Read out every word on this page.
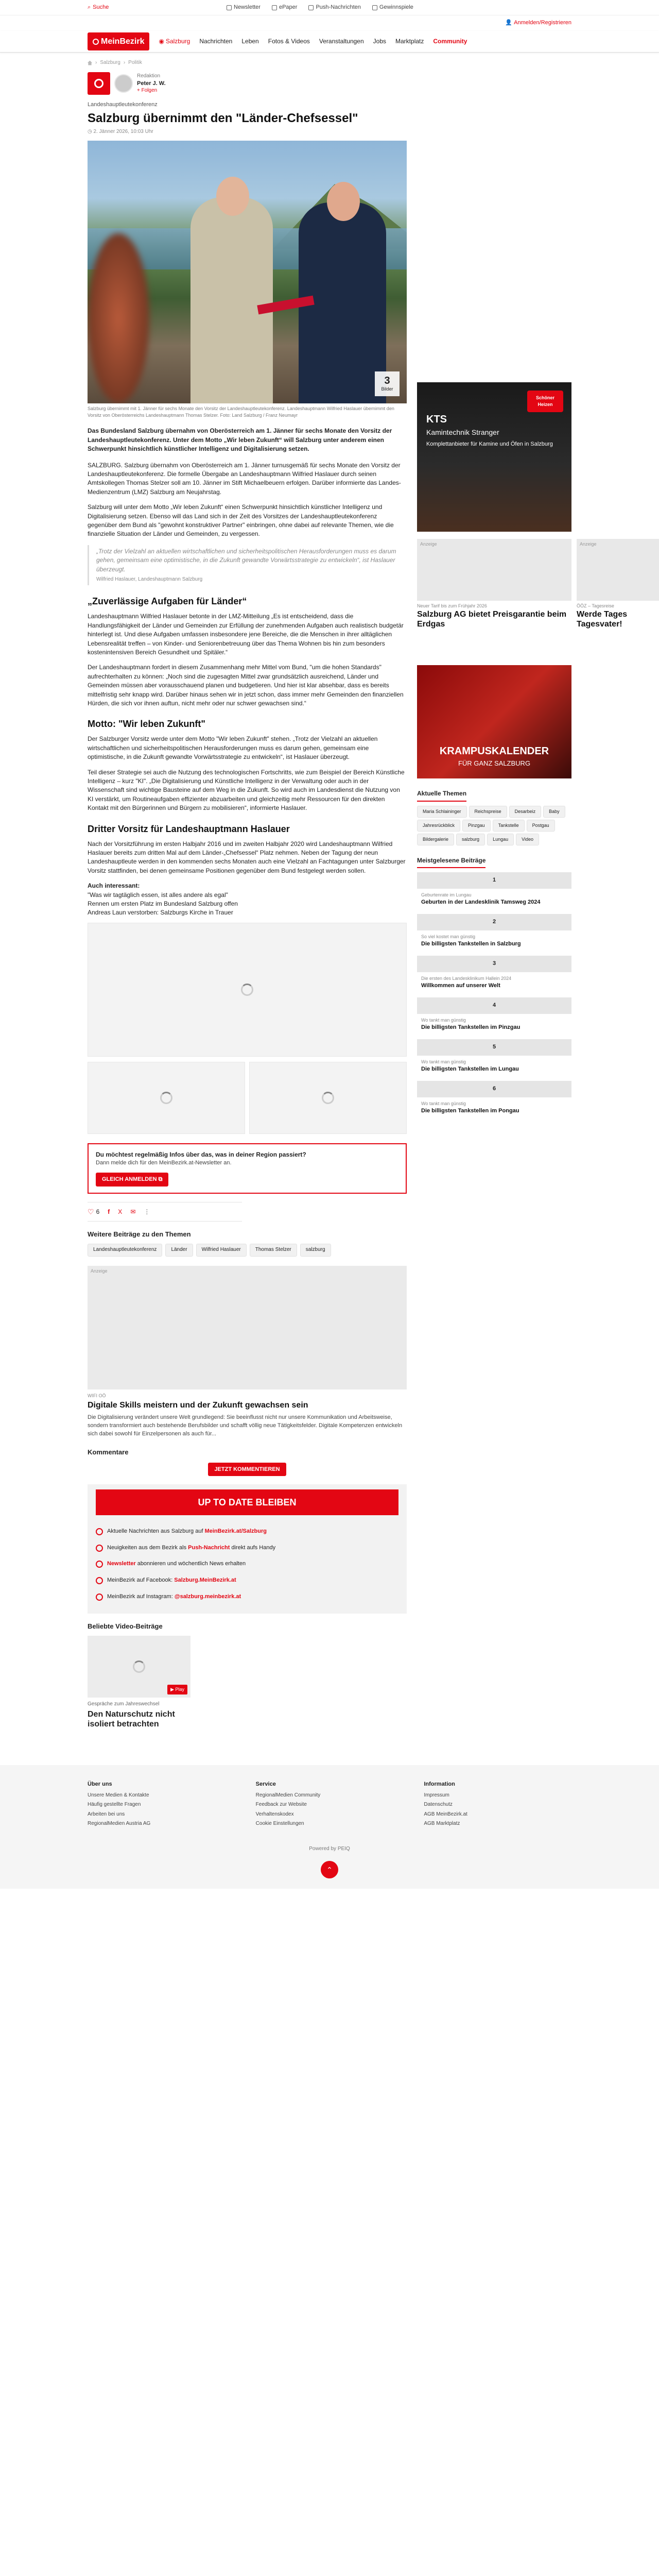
⌕ Suche	Newsletter	ePaper	Push-Nachrichten	Gewinnspiele
👤 Anmelden/Registrieren
MeinBezirk ◉ Salzburg Nachrichten Leben Fotos & Videos Veranstaltungen Jobs Marktplatz Community
› Salzburg › Politik
Redaktion
Peter J. W.
+ Folgen
Landeshauptleutekonferenz
Salzburg übernimmt den "Länder-Chefsessel"
◷ 2. Jänner 2026, 10:03 Uhr
3
Bilder
Salzburg übernimmt mit 1. Jänner für sechs Monate den Vorsitz der Landeshauptleutekonferenz. Landeshauptmann Wilfried Haslauer übernimmt den Vorsitz von Oberösterreichs Landeshauptmann Thomas Stelzer. Foto: Land Salzburg / Franz Neumayr

Das Bundesland Salzburg übernahm von Oberösterreich am 1. Jänner für sechs Monate den Vorsitz der Landeshauptleutekonferenz. Unter dem Motto „Wir leben Zukunft“ will Salzburg unter anderem einen Schwerpunkt hinsichtlich künstlicher Intelligenz und Digitalisierung setzen.

SALZBURG. Salzburg übernahm von Oberösterreich am 1. Jänner turnusgemäß für sechs Monate den Vorsitz der Landeshauptleutekonferenz. Die formelle Übergabe an Landeshauptmann Wilfried Haslauer durch seinen Amtskollegen Thomas Stelzer soll am 10. Jänner im Stift Michaelbeuern erfolgen. Darüber informierte das Landes-Medienzentrum (LMZ) Salzburg am Neujahrstag.

Salzburg will unter dem Motto „Wir leben Zukunft“ einen Schwerpunkt hinsichtlich künstlicher Intelligenz und Digitalisierung setzen. Ebenso will das Land sich in der Zeit des Vorsitzes der Landeshauptleutekonferenz gegenüber dem Bund als "gewohnt konstruktiver Partner" einbringen, ohne dabei auf relevante Themen, wie die finanzielle Situation der Länder und Gemeinden, zu vergessen.

„Trotz der Vielzahl an aktuellen wirtschaftlichen und sicherheitspolitischen Herausforderungen muss es darum gehen, gemeinsam eine optimistische, in die Zukunft gewandte Vorwärtsstrategie zu entwickeln“, ist Haslauer überzeugt.
Wilfried Haslauer, Landeshauptmann Salzburg
„Zuverlässige Aufgaben für Länder“

Landeshauptmann Wilfried Haslauer betonte in der LMZ-Mitteilung „Es ist entscheidend, dass die Handlungsfähigkeit der Länder und Gemeinden zur Erfüllung der zunehmenden Aufgaben auch realistisch budgetär hinterlegt ist. Und diese Aufgaben umfassen insbesondere jene Bereiche, die die Menschen in ihrer alltäglichen Lebensrealität treffen – von Kinder- und Seniorenbetreuung über das Thema Wohnen bis hin zum besonders kostenintensiven Bereich Gesundheit und Spitäler.“

Der Landeshauptmann fordert in diesem Zusammenhang mehr Mittel vom Bund, "um die hohen Standards" aufrechterhalten zu können: „Noch sind die zugesagten Mittel zwar grundsätzlich ausreichend, Länder und Gemeinden müssen aber vorausschauend planen und budgetieren. Und hier ist klar absehbar, dass es bereits mittelfristig sehr knapp wird. Darüber hinaus sehen wir in jetzt schon, dass immer mehr Gemeinden den finanziellen Hürden, die sich vor ihnen auftun, nicht mehr oder nur schwer gewachsen sind.“

Motto: "Wir leben Zukunft"

Der Salzburger Vorsitz werde unter dem Motto "Wir leben Zukunft" stehen. „Trotz der Vielzahl an aktuellen wirtschaftlichen und sicherheitspolitischen Herausforderungen muss es darum gehen, gemeinsam eine optimistische, in die Zukunft gewandte Vorwärtsstrategie zu entwickeln“, ist Haslauer überzeugt.

Teil dieser Strategie sei auch die Nutzung des technologischen Fortschritts, wie zum Beispiel der Bereich Künstliche Intelligenz – kurz "KI". „Die Digitalisierung und Künstliche Intelligenz in der Verwaltung oder auch in der Wissenschaft sind wichtige Bausteine auf dem Weg in die Zukunft. So wird auch im Landesdienst die Nutzung von KI verstärkt, um Routineaufgaben effizienter abzuarbeiten und gleichzeitig mehr Ressourcen für den direkten Kontakt mit den Bürgerinnen und Bürgern zu mobilisieren“, informierte Haslauer.

Dritter Vorsitz für Landeshauptmann Haslauer

Nach der Vorsitzführung im ersten Halbjahr 2016 und im zweiten Halbjahr 2020 wird Landeshauptmann Wilfried Haslauer bereits zum dritten Mal auf dem Länder-„Chefsessel“ Platz nehmen. Neben der Tagung der neun Landeshauptleute werden in den kommenden sechs Monaten auch eine Vielzahl an Fachtagungen unter Salzburger Vorsitz stattfinden, bei denen gemeinsame Positionen gegenüber dem Bund festgelegt werden sollen.

Auch interessant:
"Was wir tagtäglich essen, ist alles andere als egal"
Rennen um ersten Platz im Bundesland Salzburg offen
Andreas Laun verstorben: Salzburgs Kirche in Trauer
Du möchtest regelmäßig Infos über das, was in deiner Region passiert?
Dann melde dich für den MeinBezirk.at-Newsletter an.
GLEICH ANMELDEN ⧉
♡ 6 f X ✉ ⋮
Weitere Beiträge zu den Themen
Landeshauptleutekonferenz	Länder	Wilfried Haslauer	Thomas Stelzer	salzburg
Anzeige
WIFI OÖ
Digitale Skills meistern und der Zukunft gewachsen sein

Die Digitalisierung verändert unsere Welt grundlegend: Sie beeinflusst nicht nur unsere Kommunikation und Arbeitsweise, sondern transformiert auch bestehende Berufsbilder und schafft völlig neue Tätigkeitsfelder. Digitale Kompetenzen entwickeln sich dabei sowohl für Einzelpersonen als auch für...

Kommentare
JETZT KOMMENTIEREN
UP TO DATE BLEIBEN
Aktuelle Nachrichten aus Salzburg auf MeinBezirk.at/Salzburg
Neuigkeiten aus dem Bezirk als Push-Nachricht direkt aufs Handy
Newsletter abonnieren und wöchentlich News erhalten
MeinBezirk auf Facebook: Salzburg.MeinBezirk.at
MeinBezirk auf Instagram: @salzburg.meinbezirk.at
Beliebte Video-Beiträge
▶ Play
Gespräche zum Jahreswechsel
Den Naturschutz nicht isoliert betrachten
Schöner Heizen
KTS
Kamintechnik Stranger
Komplettanbieter für Kamine und Öfen in Salzburg
Anzeige
Neuer Tarif bis zum Frühjahr 2026
Salzburg AG bietet Preisgarantie beim Erdgas
Anzeige
ÖÖZ – Tagesreise
Werde Tages Tagesvater!
KRAMPUSKALENDER
FÜR GANZ SALZBURG
Aktuelle Themen
Maria Schlaininger	Reichspreise	Desarbeiz	Baby
Jahresrückblick	Pinzgau	Tankstelle	Postgau
Bildergalerie	salzburg	Lungau	Video
Meistgelesene Beiträge
1
Geburtenrate im Lungau
Geburten in der Landesklinik Tamsweg 2024
2
So viel kostet man günstig
Die billigsten Tankstellen in Salzburg
3
Die ersten des Landesklinikum Hallein 2024
Willkommen auf unserer Welt
4
Wo tankt man günstig
Die billigsten Tankstellen im Pinzgau
5
Wo tankt man günstig
Die billigsten Tankstellen im Lungau
6
Wo tankt man günstig
Die billigsten Tankstellen im Pongau
Über uns
Unsere Medien & Kontakte
Häufig gestellte Fragen
Arbeiten bei uns
RegionalMedien Austria AG
Service
RegionalMedien Community
Feedback zur Website
Verhaltenskodex
Cookie Einstellungen
Information
Impressum
Datenschutz
AGB MeinBezirk.at
AGB Marktplatz
Powered by PEIQ
⌃
